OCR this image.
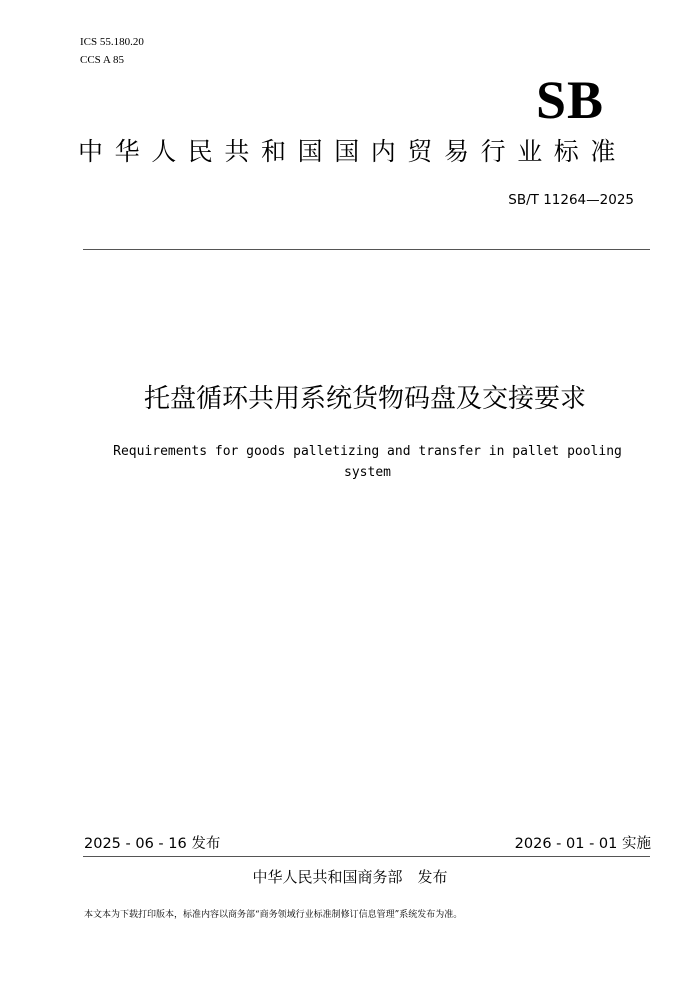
ICS 55.180.20
CCS A 85
SB
中华人民共和国国内贸易行业标准
SB/T 11264—2025
托盘循环共用系统货物码盘及交接要求
Requirements for goods palletizing and transfer in pallet pooling system
2025 - 06 - 16 发布	2026 - 01 - 01 实施
中华人民共和国商务部　发布
本文本为下载打印版本，标准内容以商务部“商务领域行业标准制修订信息管理”系统发布为准。
